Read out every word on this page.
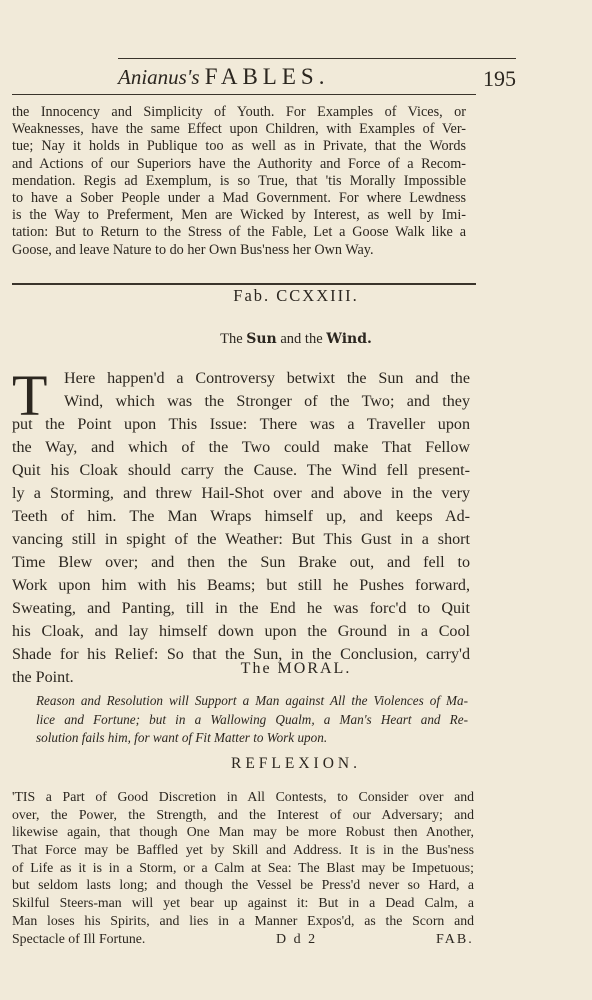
Anianus's FABLES.	195
the Innocency and Simplicity of Youth. For Examples of Vices, or
Weaknesses, have the same Effect upon Children, with Examples of Ver-
tue; Nay it holds in Publique too as well as in Private, that the Words
and Actions of our Superiors have the Authority and Force of a Recom-
mendation. Regis ad Exemplum, is so True, that 'tis Morally Impossible
to have a Sober People under a Mad Government. For where Lewdness
is the Way to Preferment, Men are Wicked by Interest, as well by Imi-
tation: But to Return to the Stress of the Fable, Let a Goose Walk like a
Goose, and leave Nature to do her Own Bus'ness her Own Way.
Fab. CCXXIII.
The Sun and the Wind.
T	Here happen'd a Controversy betwixt the Sun and the
Wind, which was the Stronger of the Two; and they
put the Point upon This Issue: There was a Traveller upon
the Way, and which of the Two could make That Fellow
Quit his Cloak should carry the Cause. The Wind fell present-
ly a Storming, and threw Hail-Shot over and above in the very
Teeth of him. The Man Wraps himself up, and keeps Ad-
vancing still in spight of the Weather: But This Gust in a short
Time Blew over; and then the Sun Brake out, and fell to
Work upon him with his Beams; but still he Pushes forward,
Sweating, and Panting, till in the End he was forc'd to Quit
his Cloak, and lay himself down upon the Ground in a Cool
Shade for his Relief: So that the Sun, in the Conclusion, carry'd
the Point.
The MORAL.
Reason and Resolution will Support a Man against All the Violences of Ma-
lice and Fortune; but in a Wallowing Qualm, a Man's Heart and Re-
solution fails him, for want of Fit Matter to Work upon.
REFLEXION.
'TIS a Part of Good Discretion in All Contests, to Consider over and
over, the Power, the Strength, and the Interest of our Adversary; and
likewise again, that though One Man may be more Robust then Another,
That Force may be Baffled yet by Skill and Address. It is in the Bus'ness
of Life as it is in a Storm, or a Calm at Sea: The Blast may be Impetuous;
but seldom lasts long; and though the Vessel be Press'd never so Hard, a
Skilful Steers-man will yet bear up against it: But in a Dead Calm, a
Man loses his Spirits, and lies in a Manner Expos'd, as the Scorn and
Spectacle of Ill Fortune.	D d 2	FAB.
